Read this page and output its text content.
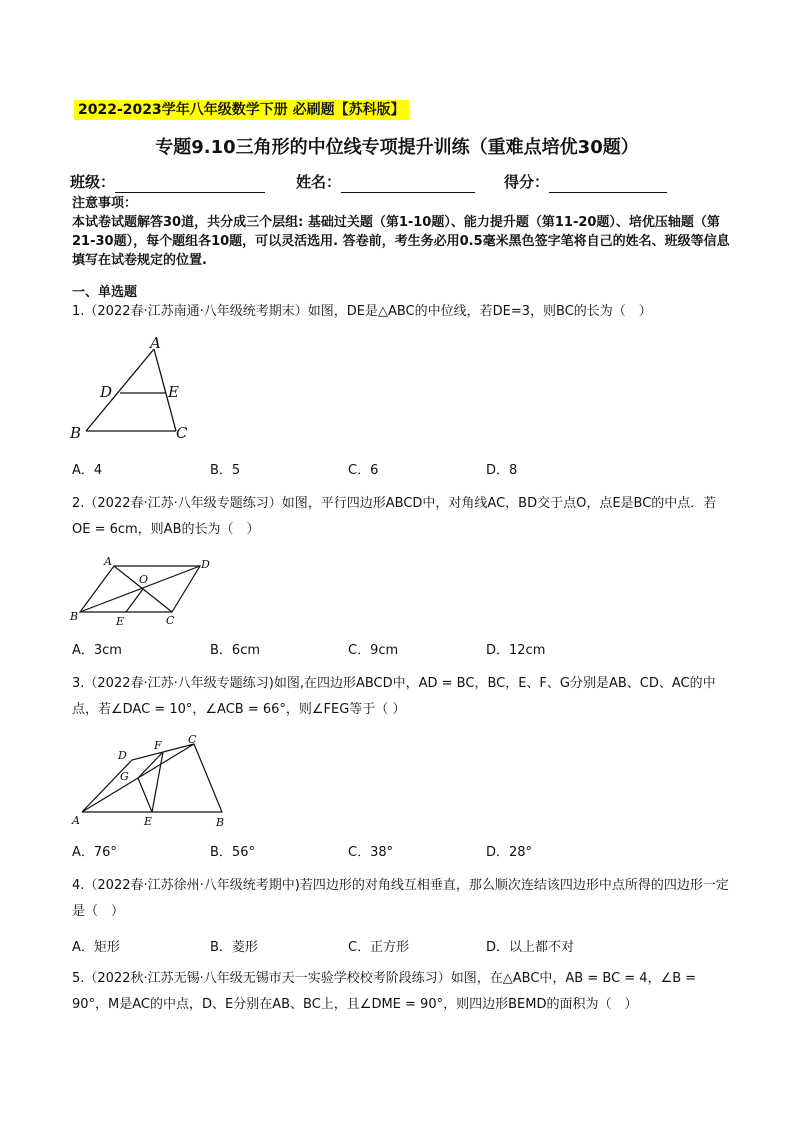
2022-2023学年八年级数学下册 必刷题【苏科版】
专题9.10三角形的中位线专项提升训练（重难点培优30题）
班级：	姓名：	得分：

注意事项：

本试卷试题解答30道，共分成三个层组: 基础过关题（第1-10题）、能力提升题（第11-20题）、培优压轴题（第21-30题），每个题组各10题，可以灵活选用. 答卷前，考生务必用0.5毫米黑色签字笔将自己的姓名、班级等信息填写在试卷规定的位置.

一、单选题
1.（2022春·江苏南通·八年级统考期末）如图，DE是△ABC的中位线，若DE=3，则BC的长为（　）
A
D	E
B	C
A．4	B．5	C．6	D．8
2.（2022春·江苏·八年级专题练习）如图，平行四边形ABCD中，对角线AC，BD交于点O，点E是BC的中点．若OE = 6cm，则AB的长为（　）
A	D
O
B	E	C
A．3cm	B．6cm	C．9cm	D．12cm
3.（2022春·江苏·八年级专题练习)如图,在四边形ABCD中，AD = BC，BC，E、F、G分别是AB、CD、AC的中点，若∠DAC = 10°，∠ACB = 66°，则∠FEG等于（ ）
D
F C
G
A	E	B
A．76°	B．56°	C．38°	D．28°
4.（2022春·江苏徐州·八年级统考期中)若四边形的对角线互相垂直，那么顺次连结该四边形中点所得的四边形一定是（　）
A．矩形	B．菱形	C．正方形	D．以上都不对
5.（2022秋·江苏无锡·八年级无锡市天一实验学校校考阶段练习）如图，在△ABC中，AB = BC = 4，∠B = 90°，M是AC的中点，D、E分别在AB、BC上，且∠DME = 90°，则四边形BEMD的面积为（　）
